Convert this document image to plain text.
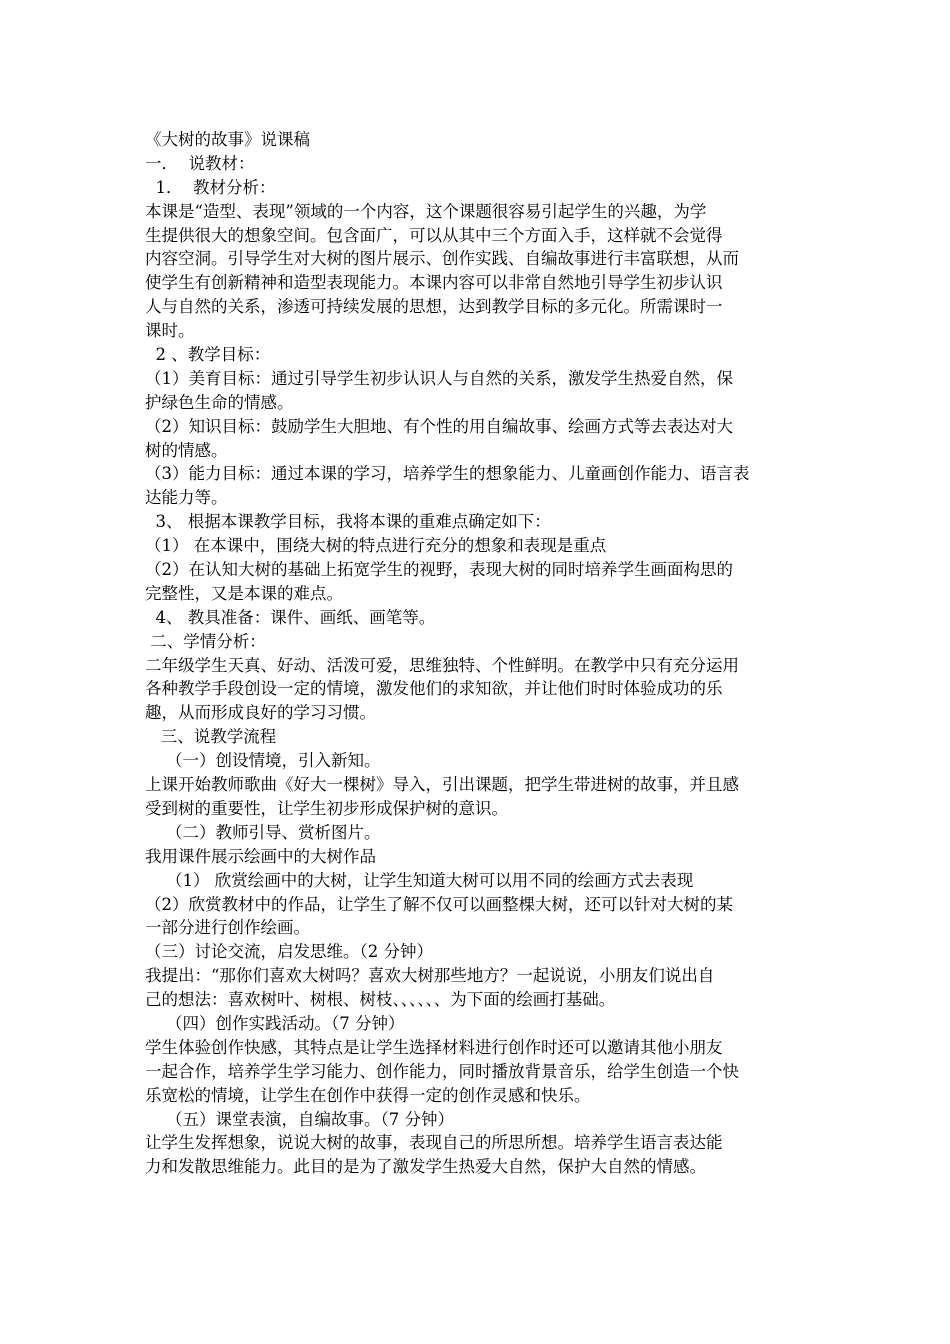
《大树的故事》说课稿
一．  说教材：
1．  教材分析：
本课是“造型、表现”领域的一个内容，这个课题很容易引起学生的兴趣，为学
生提供很大的想象空间。包含面广，可以从其中三个方面入手，这样就不会觉得
内容空洞。引导学生对大树的图片展示、创作实践、自编故事进行丰富联想，从而
使学生有创新精神和造型表现能力。本课内容可以非常自然地引导学生初步认识
人与自然的关系，渗透可持续发展的思想，达到教学目标的多元化。所需课时一
课时。
2 、教学目标：
（1）美育目标：通过引导学生初步认识人与自然的关系，激发学生热爱自然，保
护绿色生命的情感。
（2）知识目标：鼓励学生大胆地、有个性的用自编故事、绘画方式等去表达对大
树的情感。
（3）能力目标：通过本课的学习，培养学生的想象能力、儿童画创作能力、语言表
达能力等。
3、 根据本课教学目标，我将本课的重难点确定如下：
（1） 在本课中，围绕大树的特点进行充分的想象和表现是重点
（2）在认知大树的基础上拓宽学生的视野，表现大树的同时培养学生画面构思的
完整性，又是本课的难点。
4、 教具准备：课件、画纸、画笔等。
二、学情分析：
二年级学生天真、好动、活泼可爱，思维独特、个性鲜明。在教学中只有充分运用
各种教学手段创设一定的情境，激发他们的求知欲，并让他们时时体验成功的乐
趣，从而形成良好的学习习惯。
三、说教学流程
（一）创设情境，引入新知。
上课开始教师歌曲《好大一棵树》导入，引出课题，把学生带进树的故事，并且感
受到树的重要性，让学生初步形成保护树的意识。
（二）教师引导、赏析图片。
我用课件展示绘画中的大树作品
（1） 欣赏绘画中的大树，让学生知道大树可以用不同的绘画方式去表现
（2）欣赏教材中的作品，让学生了解不仅可以画整棵大树，还可以针对大树的某
一部分进行创作绘画。
（三）讨论交流，启发思维。（2 分钟）
我提出：“那你们喜欢大树吗？喜欢大树那些地方？一起说说，小朋友们说出自
己的想法：喜欢树叶、树根、树枝、、、、、、为下面的绘画打基础。
（四）创作实践活动。（7 分钟）
学生体验创作快感，其特点是让学生选择材料进行创作时还可以邀请其他小朋友
一起合作，培养学生学习能力、创作能力，同时播放背景音乐，给学生创造一个快
乐宽松的情境，让学生在创作中获得一定的创作灵感和快乐。
（五）课堂表演，自编故事。（7 分钟）
让学生发挥想象，说说大树的故事，表现自己的所思所想。培养学生语言表达能
力和发散思维能力。此目的是为了激发学生热爱大自然，保护大自然的情感。
